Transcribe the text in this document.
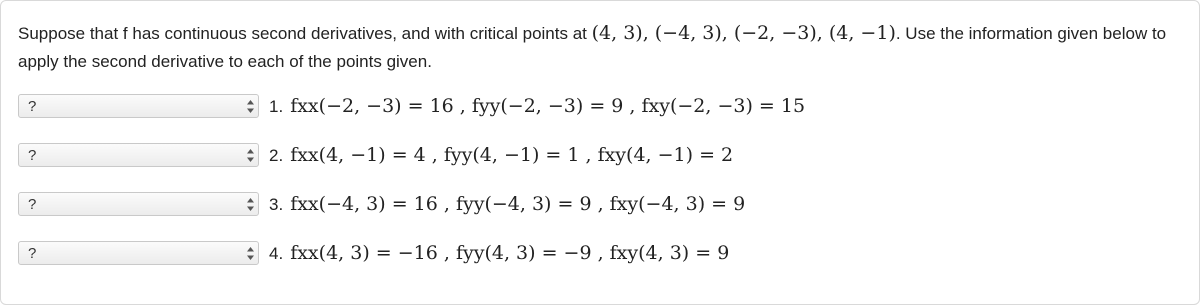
Suppose that f has continuous second derivatives, and with critical points at (4, 3), (−4, 3), (−2, −3), (4, −1). Use the information given below to apply the second derivative to each of the points given.
?	1. fxx(−2, −3) = 16 , fyy(−2, −3) = 9 , fxy(−2, −3) = 15
?	2. fxx(4, −1) = 4 , fyy(4, −1) = 1 , fxy(4, −1) = 2
?	3. fxx(−4, 3) = 16 , fyy(−4, 3) = 9 , fxy(−4, 3) = 9
?	4. fxx(4, 3) = −16 , fyy(4, 3) = −9 , fxy(4, 3) = 9
